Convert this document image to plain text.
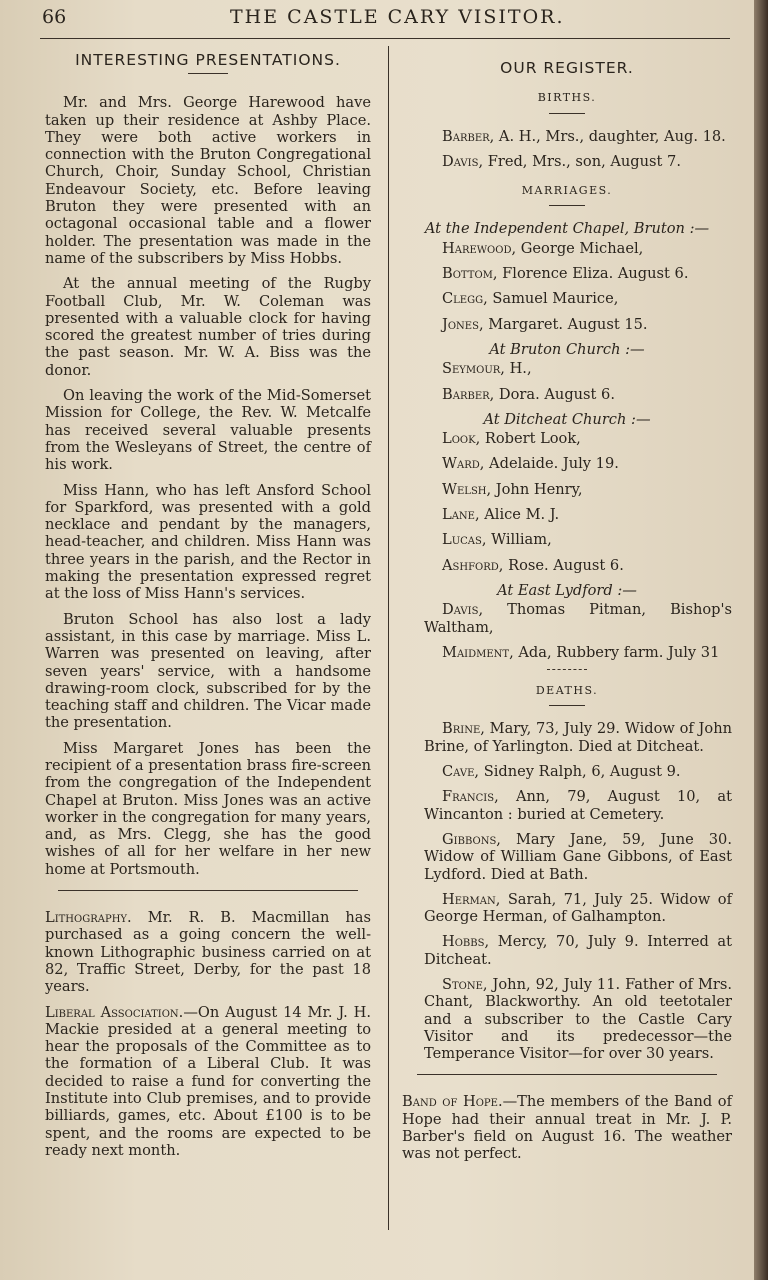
66	THE CASTLE CARY VISITOR.
INTERESTING PRESENTATIONS.

Mr. and Mrs. George Harewood have taken up their residence at Ashby Place. They were both active workers in connection with the Bruton Congregational Church, Choir, Sunday School, Christian Endeavour Society, etc. Before leaving Bruton they were presented with an octagonal occasional table and a flower holder. The presentation was made in the name of the subscribers by Miss Hobbs.

At the annual meeting of the Rugby Football Club, Mr. W. Coleman was presented with a valuable clock for having scored the greatest number of tries during the past season. Mr. W. A. Biss was the donor.

On leaving the work of the Mid-Somerset Mission for College, the Rev. W. Metcalfe has received several valuable presents from the Wesleyans of Street, the centre of his work.

Miss Hann, who has left Ansford School for Sparkford, was presented with a gold necklace and pendant by the managers, head-teacher, and children. Miss Hann was three years in the parish, and the Rector in making the presentation expressed regret at the loss of Miss Hann's services.

Bruton School has also lost a lady assistant, in this case by marriage. Miss L. Warren was presented on leaving, after seven years' service, with a handsome drawing-room clock, subscribed for by the teaching staff and children. The Vicar made the presentation.

Miss Margaret Jones has been the recipient of a presentation brass fire-screen from the congregation of the Independent Chapel at Bruton. Miss Jones was an active worker in the congregation for many years, and, as Mrs. Clegg, she has the good wishes of all for her welfare in her new home at Portsmouth.

Lithography. Mr. R. B. Macmillan has purchased as a going concern the well-known Lithographic business carried on at 82, Traffic Street, Derby, for the past 18 years.

Liberal Association.—On August 14 Mr. J. H. Mackie presided at a general meeting to hear the proposals of the Committee as to the formation of a Liberal Club. It was decided to raise a fund for converting the Institute into Club premises, and to provide billiards, games, etc. About £100 is to be spent, and the rooms are expected to be ready next month.

OUR REGISTER.
BIRTHS.

Barber, A. H., Mrs., daughter, Aug. 18.

Davis, Fred, Mrs., son, August 7.

MARRIAGES.
At the Independent Chapel, Bruton :—

Harewood, George Michael,

Bottom, Florence Eliza. August 6.

Clegg, Samuel Maurice,

Jones, Margaret. August 15.

At Bruton Church :—

Seymour, H.,

Barber, Dora. August 6.

At Ditcheat Church :—

Look, Robert Look,

Ward, Adelaide. July 19.

Welsh, John Henry,

Lane, Alice M. J.

Lucas, William,

Ashford, Rose. August 6.

At East Lydford :—

Davis, Thomas Pitman, Bishop's Waltham,

Maidment, Ada, Rubbery farm. July 31

DEATHS.

Brine, Mary, 73, July 29. Widow of John Brine, of Yarlington. Died at Ditcheat.

Cave, Sidney Ralph, 6, August 9.

Francis, Ann, 79, August 10, at Wincanton : buried at Cemetery.

Gibbons, Mary Jane, 59, June 30. Widow of William Gane Gibbons, of East Lydford. Died at Bath.

Herman, Sarah, 71, July 25. Widow of George Herman, of Galhampton.

Hobbs, Mercy, 70, July 9. Interred at Ditcheat.

Stone, John, 92, July 11. Father of Mrs. Chant, Blackworthy. An old teetotaler and a subscriber to the Castle Cary Visitor and its predecessor—the Temperance Visitor—for over 30 years.

Band of Hope.—The members of the Band of Hope had their annual treat in Mr. J. P. Barber's field on August 16. The weather was not perfect.
